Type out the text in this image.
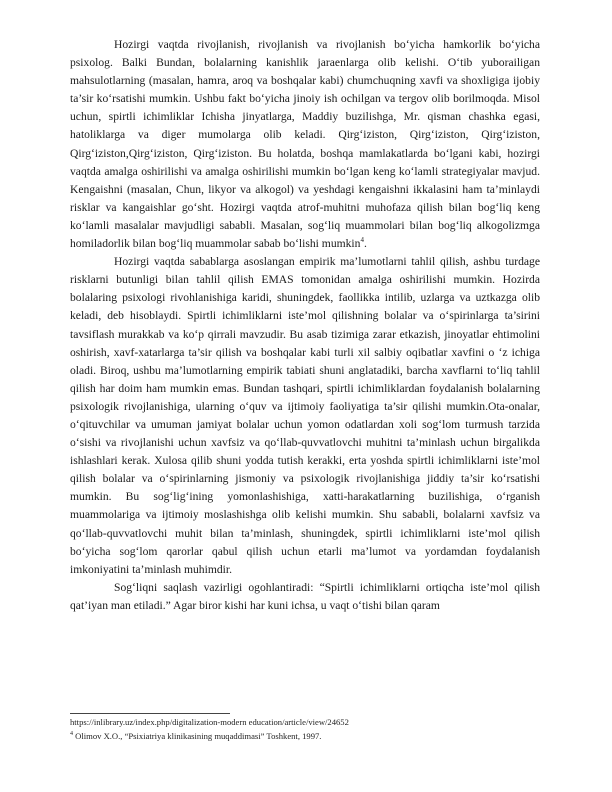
Hozirgi vaqtda rivojlanish, rivojlanish va rivojlanish bo‘yicha hamkorlik bo‘yicha psixolog. Balki Bundan, bolalarning kanishlik jaraenlarga olib kelishi. O‘tib yuborailigan mahsulotlarning (masalan, hamra, aroq va boshqalar kabi) chumchuqning xavfi va shoxligiga ijobiy ta’sir ko‘rsatishi mumkin. Ushbu fakt bo‘yicha jinoiy ish ochilgan va tergov olib borilmoqda. Misol uchun, spirtli ichimliklar Ichisha jinyatlarga, Maddiy buzilishga, Mr. qisman chashka egasi, hatoliklarga va diger mumolarga olib keladi. Qirg‘iziston, Qirg‘iziston, Qirg‘iziston, Qirg‘iziston,Qirg‘iziston, Qirg‘iziston. Bu holatda, boshqa mamlakatlarda bo‘lgani kabi, hozirgi vaqtda amalga oshirilishi va amalga oshirilishi mumkin bo‘lgan keng ko‘lamli strategiyalar mavjud. Kengaishni (masalan, Chun, likyor va alkogol) va yeshdagi kengaishni ikkalasini ham ta’minlaydi risklar va kangaishlar go‘sht. Hozirgi vaqtda atrof-muhitni muhofaza qilish bilan bog‘liq keng ko‘lamli masalalar mavjudligi sababli. Masalan, sog‘liq muammolari bilan bog‘liq alkogolizmga homiladorlik bilan bog‘liq muammolar sabab bo‘lishi mumkin$^4$.

Hozirgi vaqtda sabablarga asoslangan empirik ma’lumotlarni tahlil qilish, ashbu turdage risklarni butunligi bilan tahlil qilish EMAS tomonidan amalga oshirilishi mumkin. Hozirda bolalaring psixologi rivohlanishiga karidi, shuningdek, faollikka intilib, uzlarga va uztkazga olib keladi, deb hisoblaydi. Spirtli ichimliklarni iste’mol qilishning bolalar va o‘spirinlarga ta’sirini tavsiflash murakkab va ko‘p qirrali mavzudir. Bu asab tizimiga zarar etkazish, jinoyatlar ehtimolini oshirish, xavf-xatarlarga ta’sir qilish va boshqalar kabi turli xil salbiy oqibatlar xavfini o ‘z ichiga oladi. Biroq, ushbu ma’lumotlarning empirik tabiati shuni anglatadiki, barcha xavflarni to‘liq tahlil qilish har doim ham mumkin emas. Bundan tashqari, spirtli ichimliklardan foydalanish bolalarning psixologik rivojlanishiga, ularning o‘quv va ijtimoiy faoliyatiga ta’sir qilishi mumkin.Ota-onalar, o‘qituvchilar va umuman jamiyat bolalar uchun yomon odatlardan xoli sog‘lom turmush tarzida o‘sishi va rivojlanishi uchun xavfsiz va qo‘llab-quvvatlovchi muhitni ta’minlash uchun birgalikda ishlashlari kerak. Xulosa qilib shuni yodda tutish kerakki, erta yoshda spirtli ichimliklarni iste’mol qilish bolalar va o‘spirinlarning jismoniy va psixologik rivojlanishiga jiddiy ta’sir ko‘rsatishi mumkin. Bu sog‘lig‘ining yomonlashishiga, xatti-harakatlarning buzilishiga, o‘rganish muammolariga va ijtimoiy moslashishga olib kelishi mumkin. Shu sababli, bolalarni xavfsiz va qo‘llab-quvvatlovchi muhit bilan ta’minlash, shuningdek, spirtli ichimliklarni iste’mol qilish bo‘yicha sog‘lom qarorlar qabul qilish uchun etarli ma’lumot va yordamdan foydalanish imkoniyatini ta’minlash muhimdir.

Sog‘liqni saqlash vazirligi ogohlantiradi: “Spirtli ichimliklarni ortiqcha iste’mol qilish qat’iyan man etiladi.” Agar biror kishi har kuni ichsa, u vaqt o‘tishi bilan qaram

https://inlibrary.uz/index.php/digitalization-modern education/article/view/24652

$^4$ Olimov X.O., “Psixiatriya klinikasining muqaddimasi” Toshkent, 1997.
